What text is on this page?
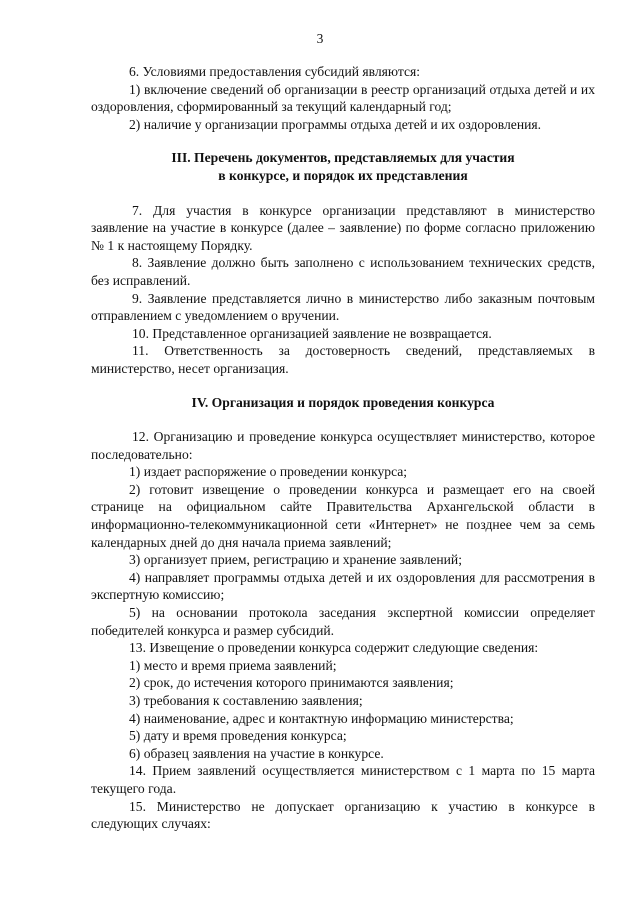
3

6. Условиями предоставления субсидий являются:

1) включение сведений об организации в реестр организаций отдыха детей и их оздоровления, сформированный за текущий календарный год;

2) наличие у организации программы отдыха детей и их оздоровления.

III. Перечень документов, представляемых для участия

в конкурсе, и порядок их представления

7. Для участия в конкурсе организации представляют в министерство заявление на участие в конкурсе (далее – заявление) по форме согласно приложению № 1 к настоящему Порядку.

8. Заявление должно быть заполнено с использованием технических средств, без исправлений.

9. Заявление представляется лично в министерство либо заказным почтовым отправлением с уведомлением о вручении.

10. Представленное организацией заявление не возвращается.

11. Ответственность за достоверность сведений, представляемых в министерство, несет организация.

IV. Организация и порядок проведения конкурса

12. Организацию и проведение конкурса осуществляет министерство, которое последовательно:

1) издает распоряжение о проведении конкурса;

2) готовит извещение о проведении конкурса и размещает его на своей странице на официальном сайте Правительства Архангельской области в информационно-телекоммуникационной сети «Интернет» не позднее чем за семь календарных дней до дня начала приема заявлений;

3) организует прием, регистрацию и хранение заявлений;

4) направляет программы отдыха детей и их оздоровления для рассмотрения в экспертную комиссию;

5) на основании протокола заседания экспертной комиссии определяет победителей конкурса и размер субсидий.

13. Извещение о проведении конкурса содержит следующие сведения:

1) место и время приема заявлений;

2) срок, до истечения которого принимаются заявления;

3) требования к составлению заявления;

4) наименование, адрес и контактную информацию министерства;

5) дату и время проведения конкурса;

6) образец заявления на участие в конкурсе.

14. Прием заявлений осуществляется министерством с 1 марта по 15 марта текущего года.

15. Министерство не допускает организацию к участию в конкурсе в следующих случаях:
